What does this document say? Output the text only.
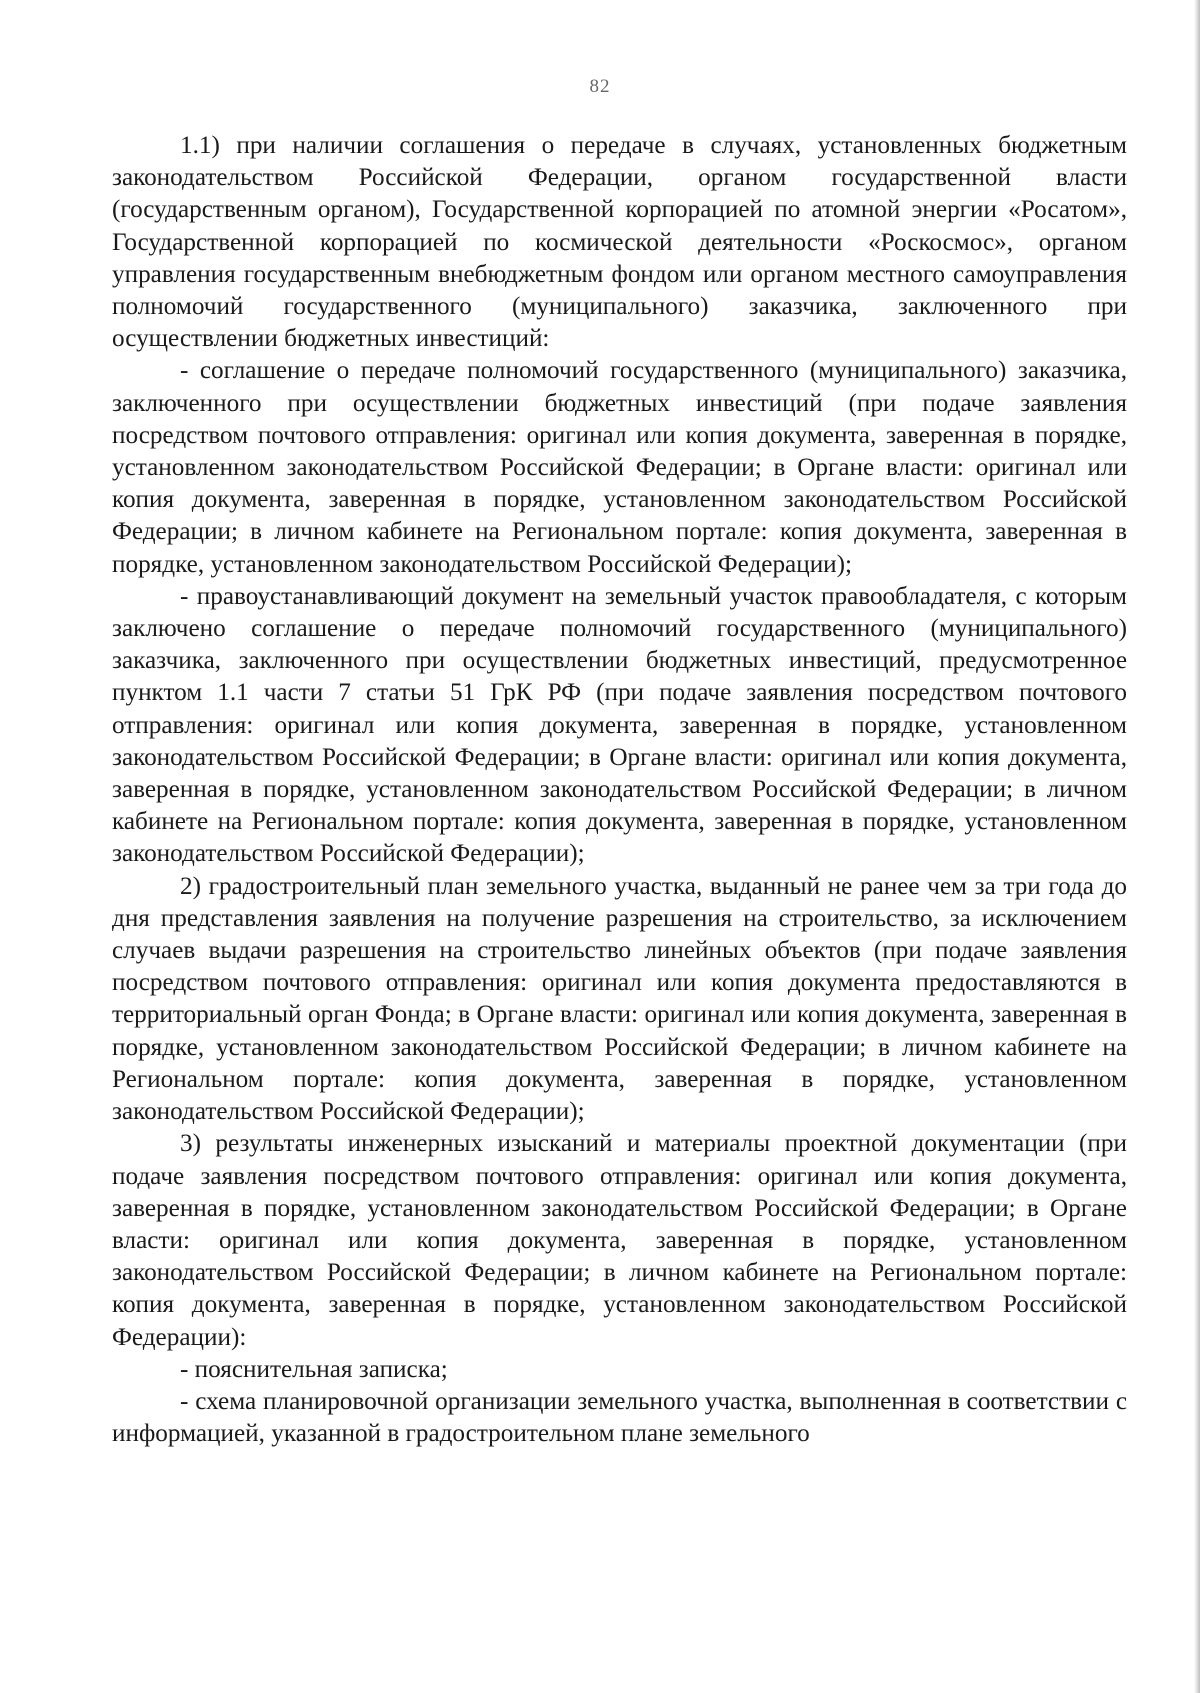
82

1.1) при наличии соглашения о передаче в случаях, установленных бюджетным законодательством Российской Федерации, органом государственной власти (государственным органом), Государственной корпорацией по атомной энергии «Росатом», Государственной корпорацией по космической деятельности «Роскосмос», органом управления государственным внебюджетным фондом или органом местного самоуправления полномочий государственного (муниципального) заказчика, заключенного при осуществлении бюджетных инвестиций:

- соглашение о передаче полномочий государственного (муниципального) заказчика, заключенного при осуществлении бюджетных инвестиций (при подаче заявления посредством почтового отправления: оригинал или копия документа, заверенная в порядке, установленном законодательством Российской Федерации; в Органе власти: оригинал или копия документа, заверенная в порядке, установленном законодательством Российской Федерации; в личном кабинете на Региональном портале: копия документа, заверенная в порядке, установленном законодательством Российской Федерации);

- правоустанавливающий документ на земельный участок правообладателя, с которым заключено соглашение о передаче полномочий государственного (муниципального) заказчика, заключенного при осуществлении бюджетных инвестиций, предусмотренное пунктом 1.1 части 7 статьи 51 ГрК РФ (при подаче заявления посредством почтового отправления: оригинал или копия документа, заверенная в порядке, установленном законодательством Российской Федерации; в Органе власти: оригинал или копия документа, заверенная в порядке, установленном законодательством Российской Федерации; в личном кабинете на Региональном портале: копия документа, заверенная в порядке, установленном законодательством Российской Федерации);

2) градостроительный план земельного участка, выданный не ранее чем за три года до дня представления заявления на получение разрешения на строительство, за исключением случаев выдачи разрешения на строительство линейных объектов (при подаче заявления посредством почтового отправления: оригинал или копия документа предоставляются в территориальный орган Фонда; в Органе власти: оригинал или копия документа, заверенная в порядке, установленном законодательством Российской Федерации; в личном кабинете на Региональном портале: копия документа, заверенная в порядке, установленном законодательством Российской Федерации);

3) результаты инженерных изысканий и материалы проектной документации (при подаче заявления посредством почтового отправления: оригинал или копия документа, заверенная в порядке, установленном законодательством Российской Федерации; в Органе власти: оригинал или копия документа, заверенная в порядке, установленном законодательством Российской Федерации; в личном кабинете на Региональном портале: копия документа, заверенная в порядке, установленном законодательством Российской Федерации):

- пояснительная записка;

- схема планировочной организации земельного участка, выполненная в соответствии с информацией, указанной в градостроительном плане земельного
